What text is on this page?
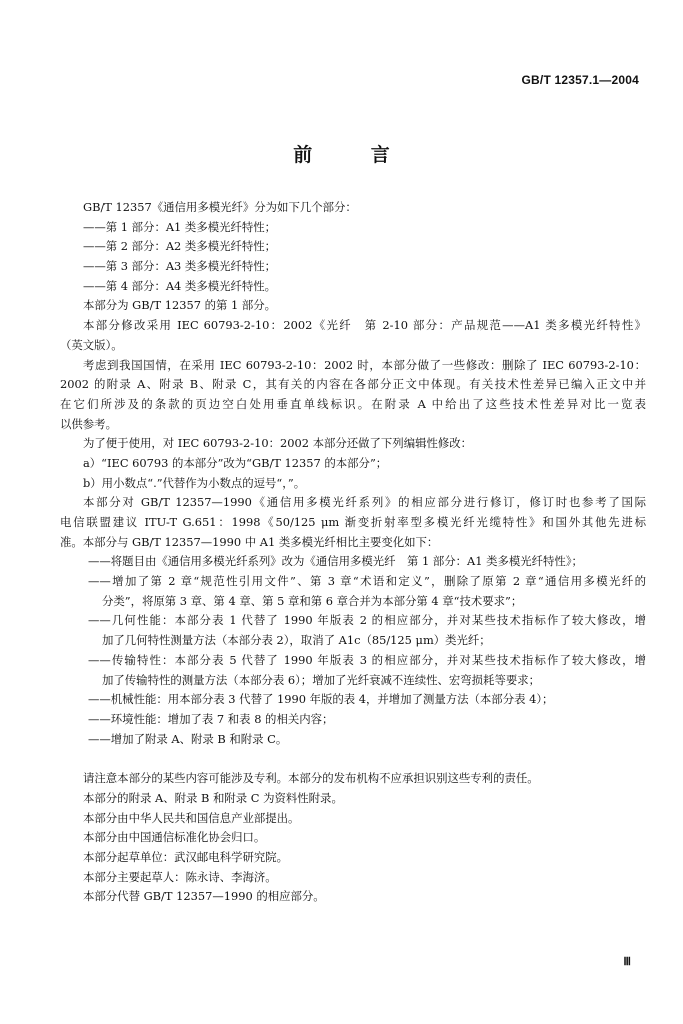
GB/T 12357.1—2004
前 言
GB/T 12357《通信用多模光纤》分为如下几个部分：
——第 1 部分：A1 类多模光纤特性；
——第 2 部分：A2 类多模光纤特性；
——第 3 部分：A3 类多模光纤特性；
——第 4 部分：A4 类多模光纤特性。
本部分为 GB/T 12357 的第 1 部分。
本部分修改采用 IEC 60793-2-10：2002《光纤　第 2-10 部分：产品规范——A1 类多模光纤特性》
（英文版）。
考虑到我国国情，在采用 IEC 60793-2-10：2002 时，本部分做了一些修改：删除了 IEC 60793-2-10：
2002 的附录 A、附录 B、附录 C，其有关的内容在各部分正文中体现。有关技术性差异已编入正文中并
在它们所涉及的条款的页边空白处用垂直单线标识。在附录 A 中给出了这些技术性差异对比一览表
以供参考。
为了便于使用，对 IEC 60793-2-10：2002 本部分还做了下列编辑性修改：
a）“IEC 60793 的本部分”改为“GB/T 12357 的本部分”；
b）用小数点“.”代替作为小数点的逗号“，”。
本部分对 GB/T 12357—1990《通信用多模光纤系列》的相应部分进行修订，修订时也参考了国际
电信联盟建议 ITU-T G.651：1998《50/125 μm 渐变折射率型多模光纤光缆特性》和国外其他先进标
准。本部分与 GB/T 12357—1990 中 A1 类多模光纤相比主要变化如下：
——将题目由《通信用多模光纤系列》改为《通信用多模光纤　第 1 部分：A1 类多模光纤特性》；
——增加了第 2 章“规范性引用文件”、第 3 章“术语和定义”，删除了原第 2 章“通信用多模光纤的
分类”，将原第 3 章、第 4 章、第 5 章和第 6 章合并为本部分第 4 章“技术要求”；
——几何性能：本部分表 1 代替了 1990 年版表 2 的相应部分，并对某些技术指标作了较大修改，增
加了几何特性测量方法（本部分表 2），取消了 A1c（85/125 μm）类光纤；
——传输特性：本部分表 5 代替了 1990 年版表 3 的相应部分，并对某些技术指标作了较大修改，增
加了传输特性的测量方法（本部分表 6）；增加了光纤衰减不连续性、宏弯损耗等要求；
——机械性能：用本部分表 3 代替了 1990 年版的表 4，并增加了测量方法（本部分表 4）；
——环境性能：增加了表 7 和表 8 的相关内容；
——增加了附录 A、附录 B 和附录 C。
请注意本部分的某些内容可能涉及专利。本部分的发布机构不应承担识别这些专利的责任。
本部分的附录 A、附录 B 和附录 C 为资料性附录。
本部分由中华人民共和国信息产业部提出。
本部分由中国通信标准化协会归口。
本部分起草单位：武汉邮电科学研究院。
本部分主要起草人：陈永诗、李海济。
本部分代替 GB/T 12357—1990 的相应部分。
Ⅲ
